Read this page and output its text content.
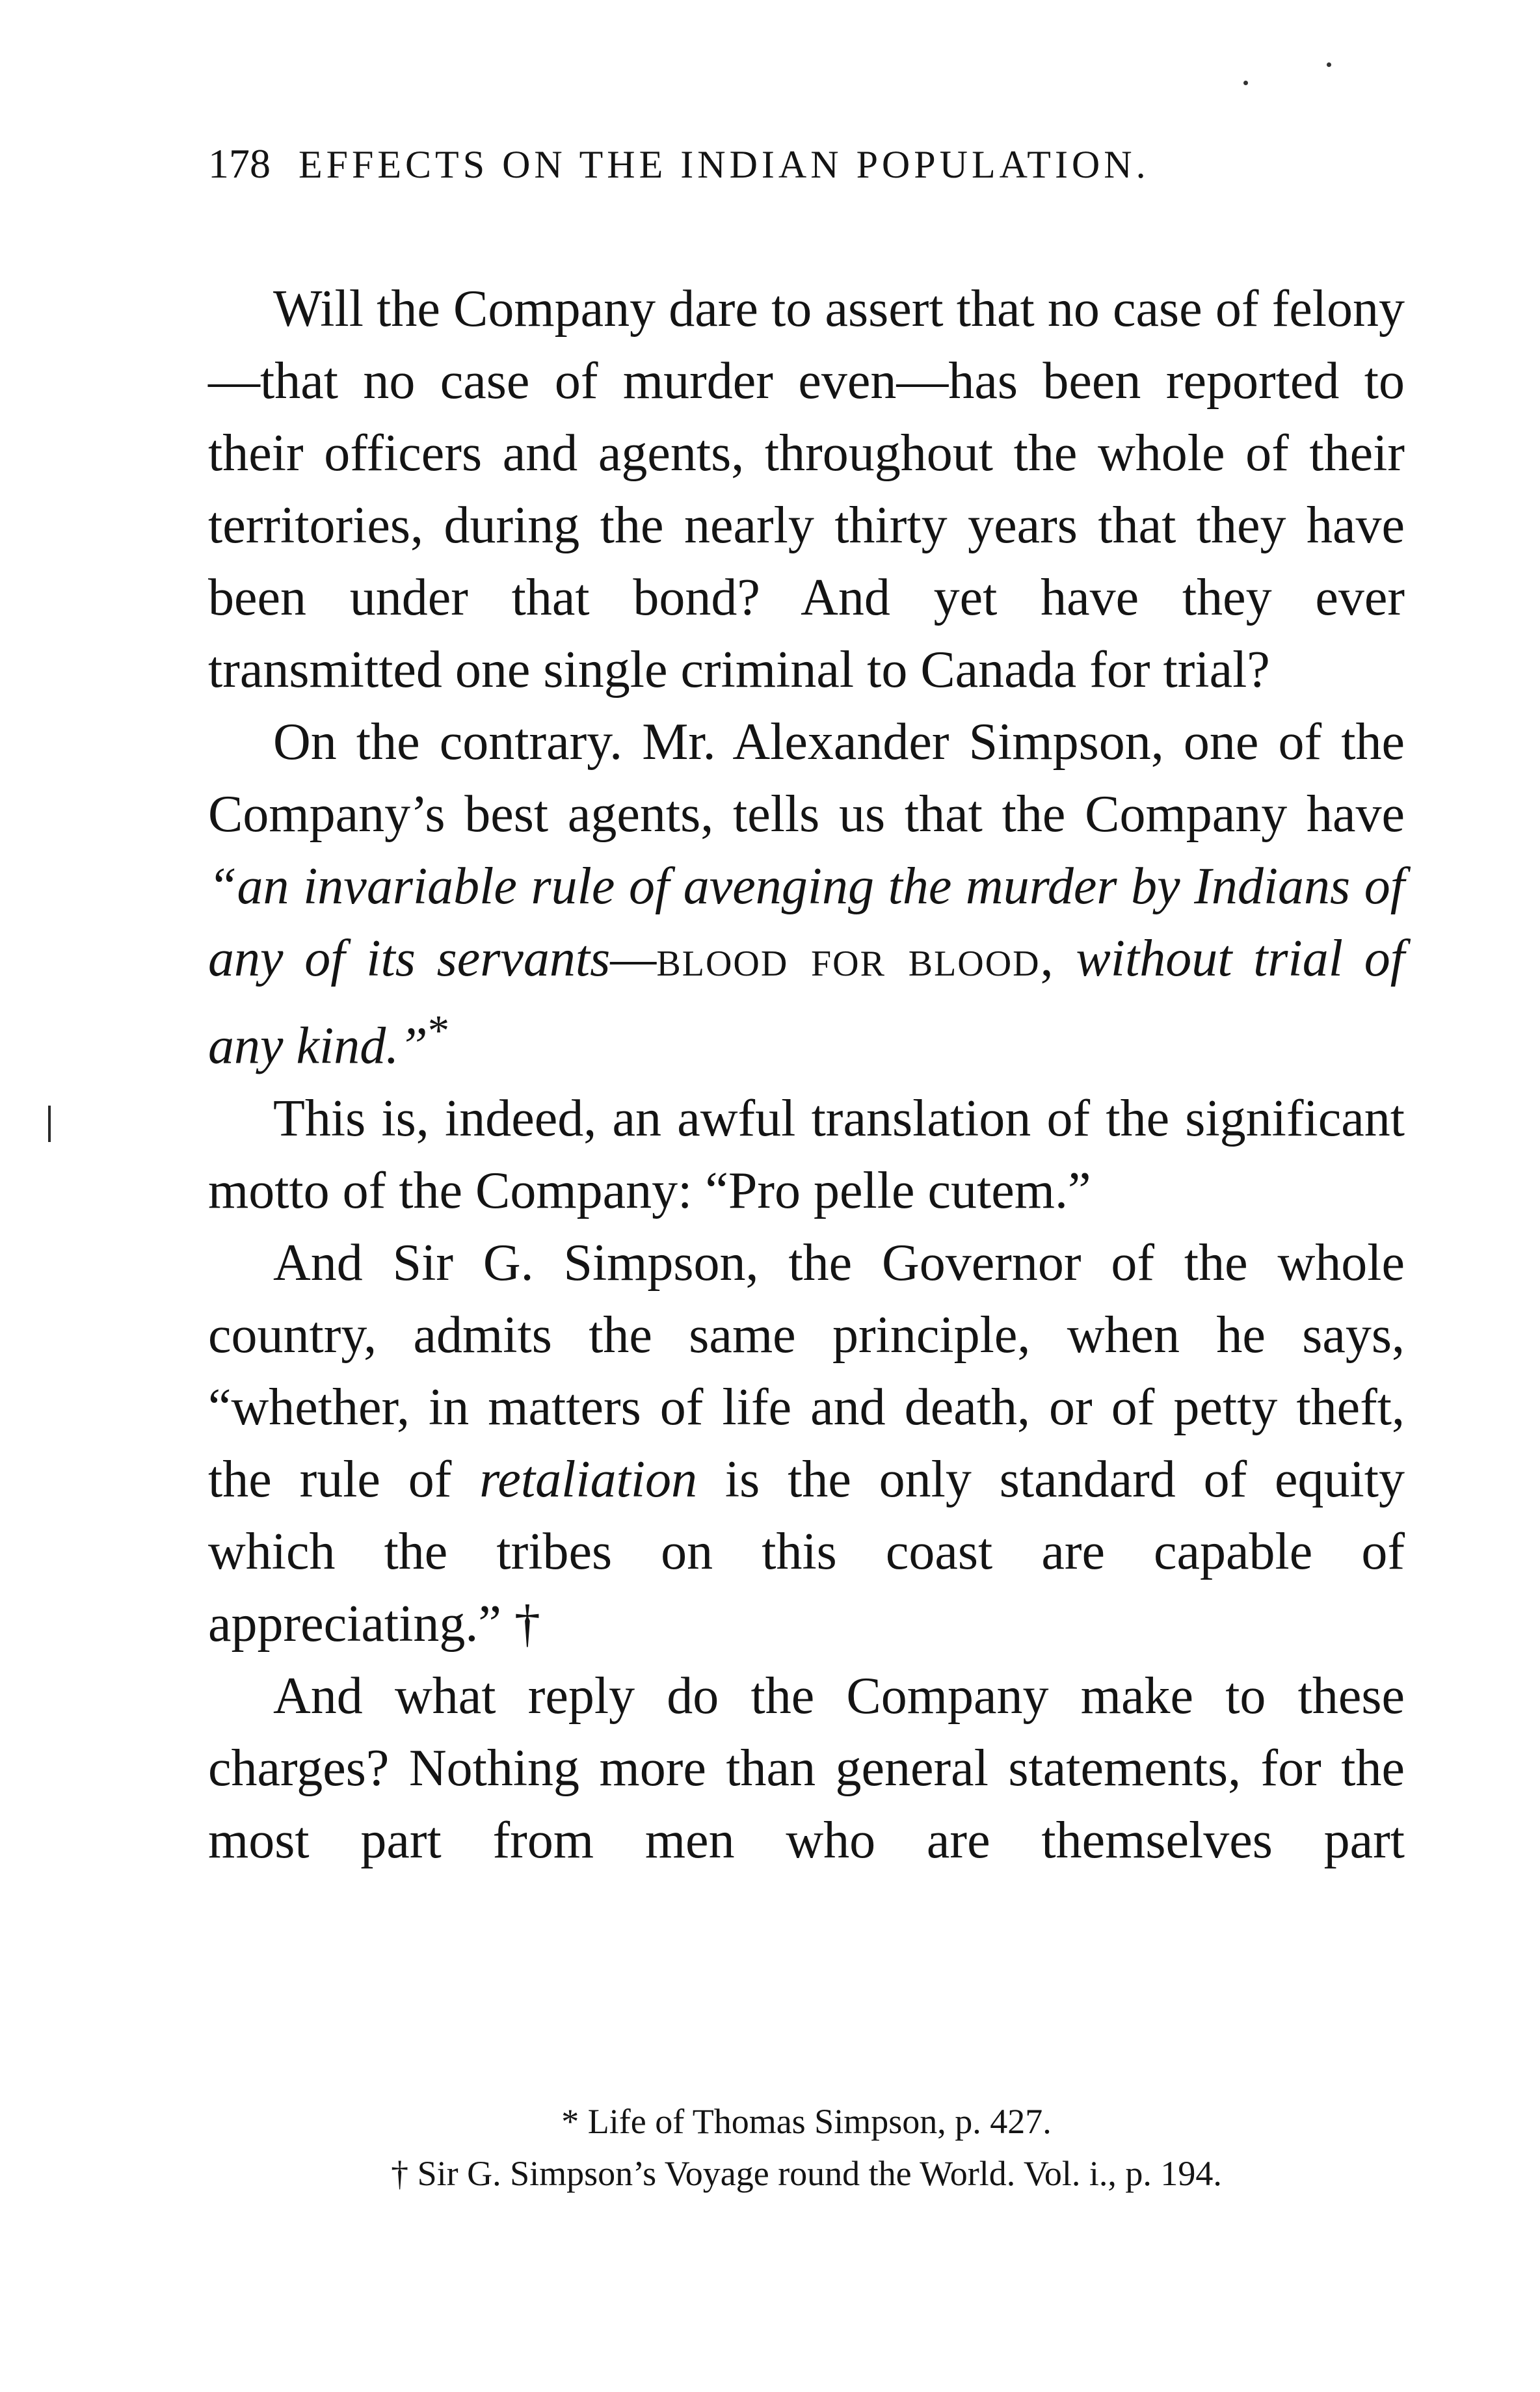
178 EFFECTS ON THE INDIAN POPULATION.

Will the Company dare to assert that no case of felony—that no case of murder even—has been reported to their officers and agents, throughout the whole of their territories, during the nearly thirty years that they have been under that bond? And yet have they ever transmitted one single criminal to Canada for trial?

On the contrary. Mr. Alexander Simpson, one of the Company’s best agents, tells us that the Company have “an invariable rule of avenging the murder by Indians of any of its servants—blood for blood, without trial of any kind.”*

This is, indeed, an awful translation of the significant motto of the Company: “Pro pelle cutem.”

And Sir G. Simpson, the Governor of the whole country, admits the same principle, when he says, “whether, in matters of life and death, or of petty theft, the rule of retaliation is the only standard of equity which the tribes on this coast are capable of appreciating.” †

And what reply do the Company make to these charges? Nothing more than general statements, for the most part from men who are themselves part

* Life of Thomas Simpson, p. 427.

† Sir G. Simpson’s Voyage round the World. Vol. i., p. 194.
